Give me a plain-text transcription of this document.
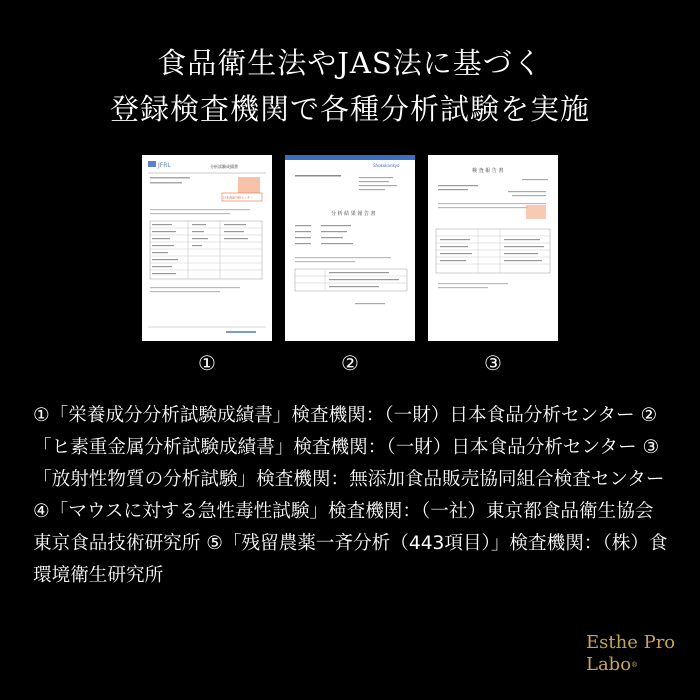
食品衛生法やJAS法に基づく
登録検査機関で各種分析試験を実施
JFRL	分析試験成績書
日本食品分析センター
Shokukankyo
分 析 結 果 報 告 書
検 査 報 告 書
①	②	③
①「栄養成分分析試験成績書」検査機関：（一財）日本食品分析センター ②「ヒ素重金属分析試験成績書」検査機関：（一財）日本食品分析センター ③「放射性物質の分析試験」検査機関：無添加食品販売協同組合検査センター ④「マウスに対する急性毒性試験」検査機関：（一社）東京都食品衛生協会 東京食品技術研究所 ⑤「残留農薬一斉分析（443項目）」検査機関：（株）食環境衛生研究所
Esthe Pro
Labo®
